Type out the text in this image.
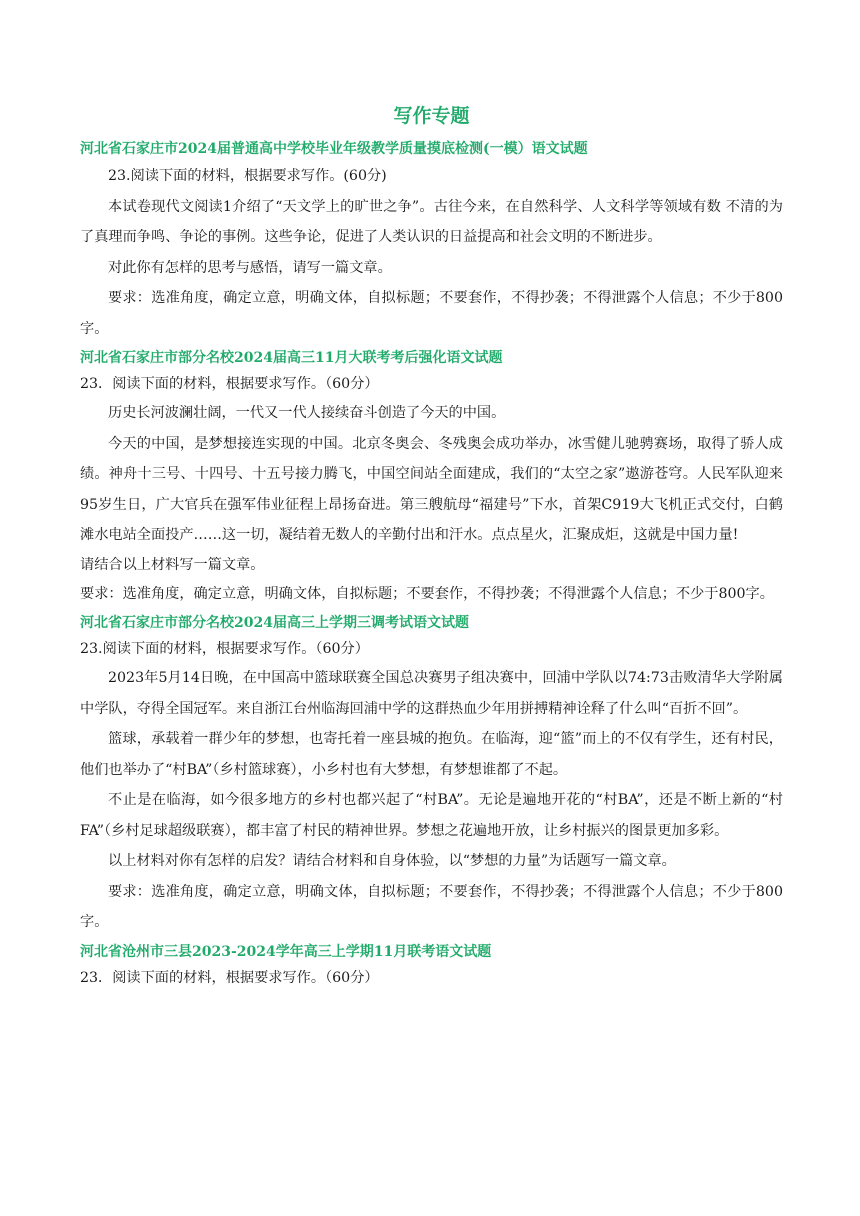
写作专题
河北省石家庄市2024届普通高中学校毕业年级教学质量摸底检测(一模）语文试题

23.阅读下面的材料，根据要求写作。(60分)

本试卷现代文阅读1介绍了“天文学上的旷世之争”。古往今来，在自然科学、人文科学等领域有数 不清的为了真理而争鸣、争论的事例。这些争论，促进了人类认识的日益提高和社会文明的不断进步。

对此你有怎样的思考与感悟，请写一篇文章。

要求：选准角度，确定立意，明确文体，自拟标题；不要套作，不得抄袭；不得泄露个人信息；不少于800字。

河北省石家庄市部分名校2024届高三11月大联考考后强化语文试题

23．阅读下面的材料，根据要求写作。（60分）

历史长河波澜壮阔，一代又一代人接续奋斗创造了今天的中国。

今天的中国，是梦想接连实现的中国。北京冬奥会、冬残奥会成功举办，冰雪健儿驰骋赛场，取得了骄人成绩。神舟十三号、十四号、十五号接力腾飞，中国空间站全面建成，我们的“太空之家”遨游苍穹。人民军队迎来95岁生日，广大官兵在强军伟业征程上昂扬奋进。第三艘航母“福建号”下水，首架C919大飞机正式交付，白鹤滩水电站全面投产……这一切，凝结着无数人的辛勤付出和汗水。点点星火，汇聚成炬，这就是中国力量!

请结合以上材料写一篇文章。

要求：选准角度，确定立意，明确文体，自拟标题；不要套作，不得抄袭；不得泄露个人信息；不少于800字。

河北省石家庄市部分名校2024届高三上学期三调考试语文试题

23.阅读下面的材料，根据要求写作。（60分）

2023年5月14日晚，在中国高中篮球联赛全国总决赛男子组决赛中，回浦中学队以74:73击败清华大学附属中学队，夺得全国冠军。来自浙江台州临海回浦中学的这群热血少年用拼搏精神诠释了什么叫“百折不回”。

篮球，承载着一群少年的梦想，也寄托着一座县城的抱负。在临海，迎“篮”而上的不仅有学生，还有村民，他们也举办了“村BA”（乡村篮球赛），小乡村也有大梦想，有梦想谁都了不起。

不止是在临海，如今很多地方的乡村也都兴起了“村BA”。无论是遍地开花的“村BA”，还是不断上新的“村FA”（乡村足球超级联赛），都丰富了村民的精神世界。梦想之花遍地开放，让乡村振兴的图景更加多彩。

以上材料对你有怎样的启发？请结合材料和自身体验，以“梦想的力量”为话题写一篇文章。

要求：选准角度，确定立意，明确文体，自拟标题；不要套作，不得抄袭；不得泄露个人信息；不少于800字。

河北省沧州市三县2023-2024学年高三上学期11月联考语文试题

23．阅读下面的材料，根据要求写作。（60分）
